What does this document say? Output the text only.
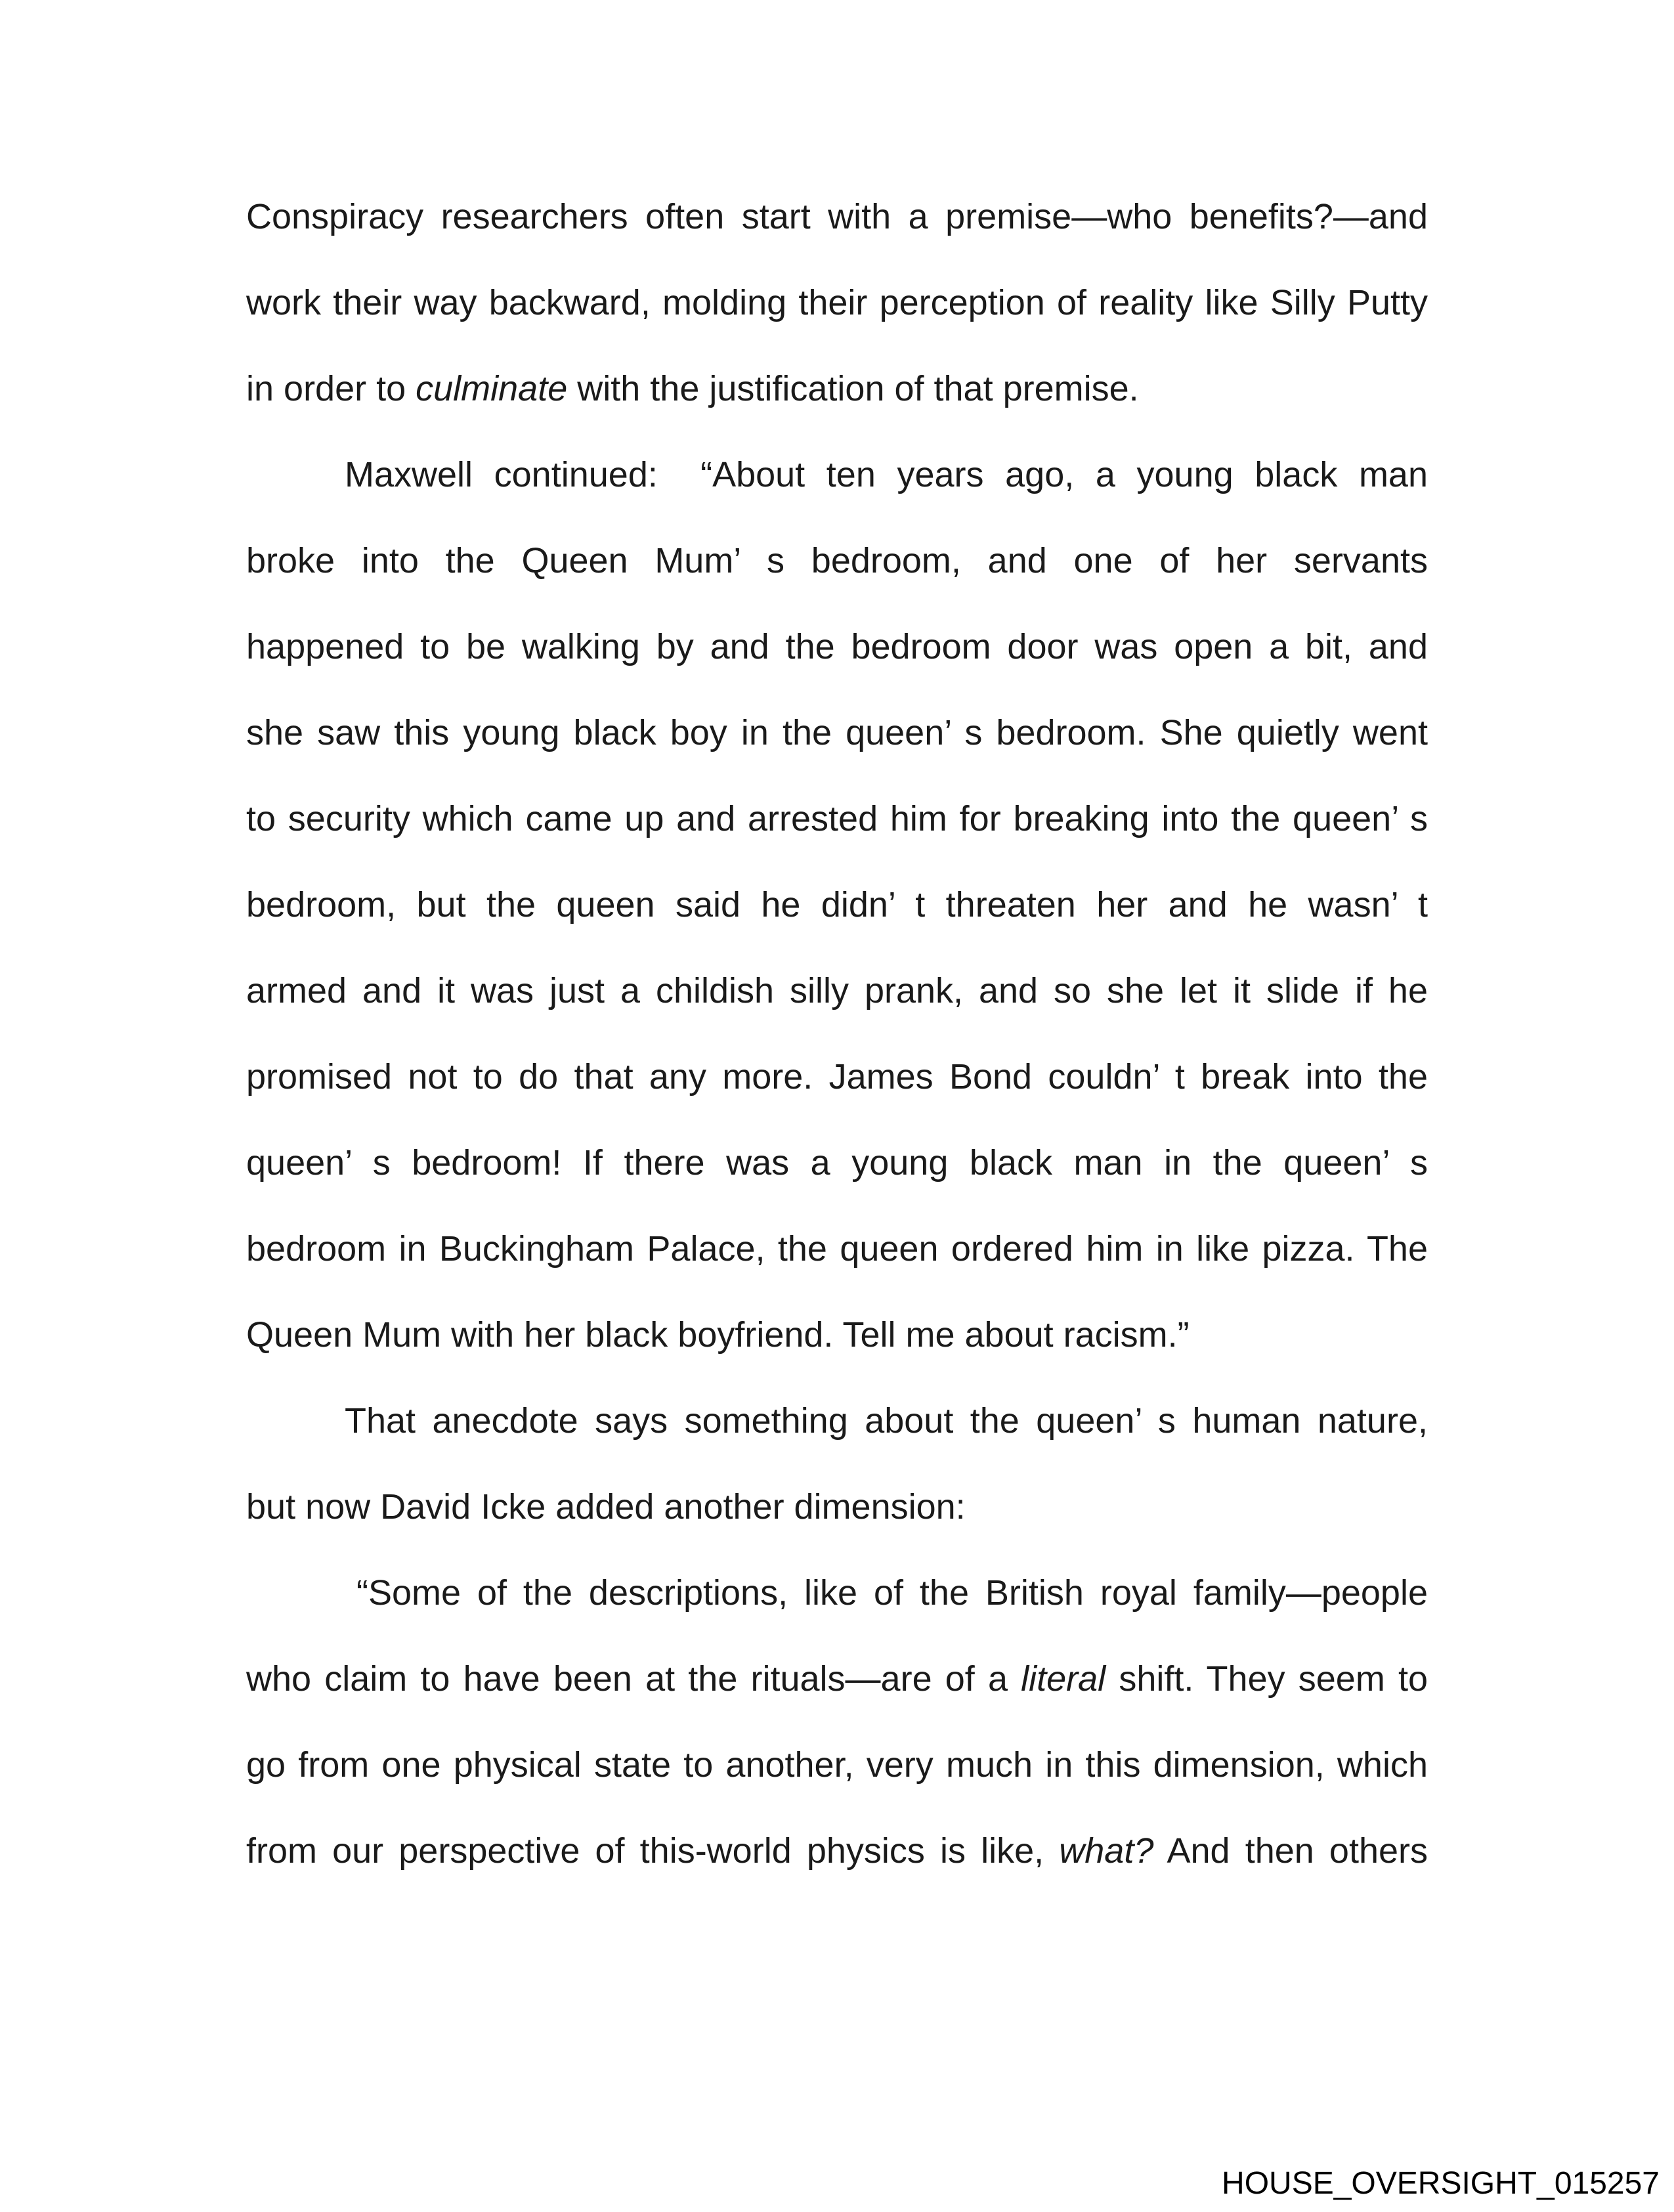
Conspiracy researchers often start with a premise—who benefits?—and
work their way backward, molding their perception of reality like Silly Putty
in order to culminate with the justification of that premise.

Maxwell continued:  “About ten years ago, a young black man
broke into the Queen Mum’ s bedroom, and one of her servants
happened to be walking by and the bedroom door was open a bit, and
she saw this young black boy in the queen’ s bedroom. She quietly went
to security which came up and arrested him for breaking into the queen’ s
bedroom, but the queen said he didn’ t threaten her and he wasn’ t
armed and it was just a childish silly prank, and so she let it slide if he
promised not to do that any more. James Bond couldn’ t break into the
queen’ s bedroom! If there was a young black man in the queen’ s
bedroom in Buckingham Palace, the queen ordered him in like pizza. The
Queen Mum with her black boyfriend. Tell me about racism.”

That anecdote says something about the queen’ s human nature,
but now David Icke added another dimension:

“Some of the descriptions, like of the British royal family—people
who claim to have been at the rituals—are of a literal shift. They seem to
go from one physical state to another, very much in this dimension, which
from our perspective of this-world physics is like, what? And then others

HOUSE_OVERSIGHT_015257
